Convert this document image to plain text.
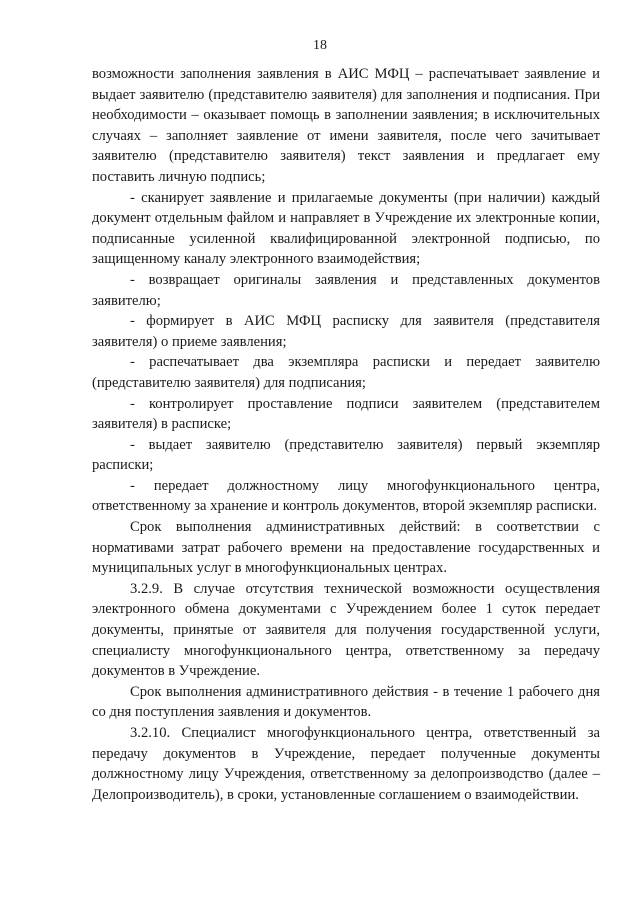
18

возможности заполнения заявления в АИС МФЦ – распечатывает заявление и выдает заявителю (представителю заявителя) для заполнения и подписания. При необходимости – оказывает помощь в заполнении заявления; в исключительных случаях – заполняет заявление от имени заявителя, после чего зачитывает заявителю (представителю заявителя) текст заявления и предлагает ему поставить личную подпись;

- сканирует заявление и прилагаемые документы (при наличии) каждый документ отдельным файлом и направляет в Учреждение их электронные копии, подписанные усиленной квалифицированной электронной подписью, по защищенному каналу электронного взаимодействия;

- возвращает оригиналы заявления и представленных документов заявителю;

- формирует в АИС МФЦ расписку для заявителя (представителя заявителя) о приеме заявления;

- распечатывает два экземпляра расписки и передает заявителю (представителю заявителя) для подписания;

- контролирует проставление подписи заявителем (представителем заявителя) в расписке;

- выдает заявителю (представителю заявителя) первый экземпляр расписки;

- передает должностному лицу многофункционального центра, ответственному за хранение и контроль документов, второй экземпляр расписки.

Срок выполнения административных действий: в соответствии с нормативами затрат рабочего времени на предоставление государственных и муниципальных услуг в многофункциональных центрах.

3.2.9. В случае отсутствия технической возможности осуществления электронного обмена документами с Учреждением более 1 суток передает документы, принятые от заявителя для получения государственной услуги, специалисту многофункционального центра, ответственному за передачу документов в Учреждение.

Срок выполнения административного действия - в течение 1 рабочего дня со дня поступления заявления и документов.

3.2.10. Специалист многофункционального центра, ответственный за передачу документов в Учреждение, передает полученные документы должностному лицу Учреждения, ответственному за делопроизводство (далее – Делопроизводитель), в сроки, установленные соглашением о взаимодействии.
